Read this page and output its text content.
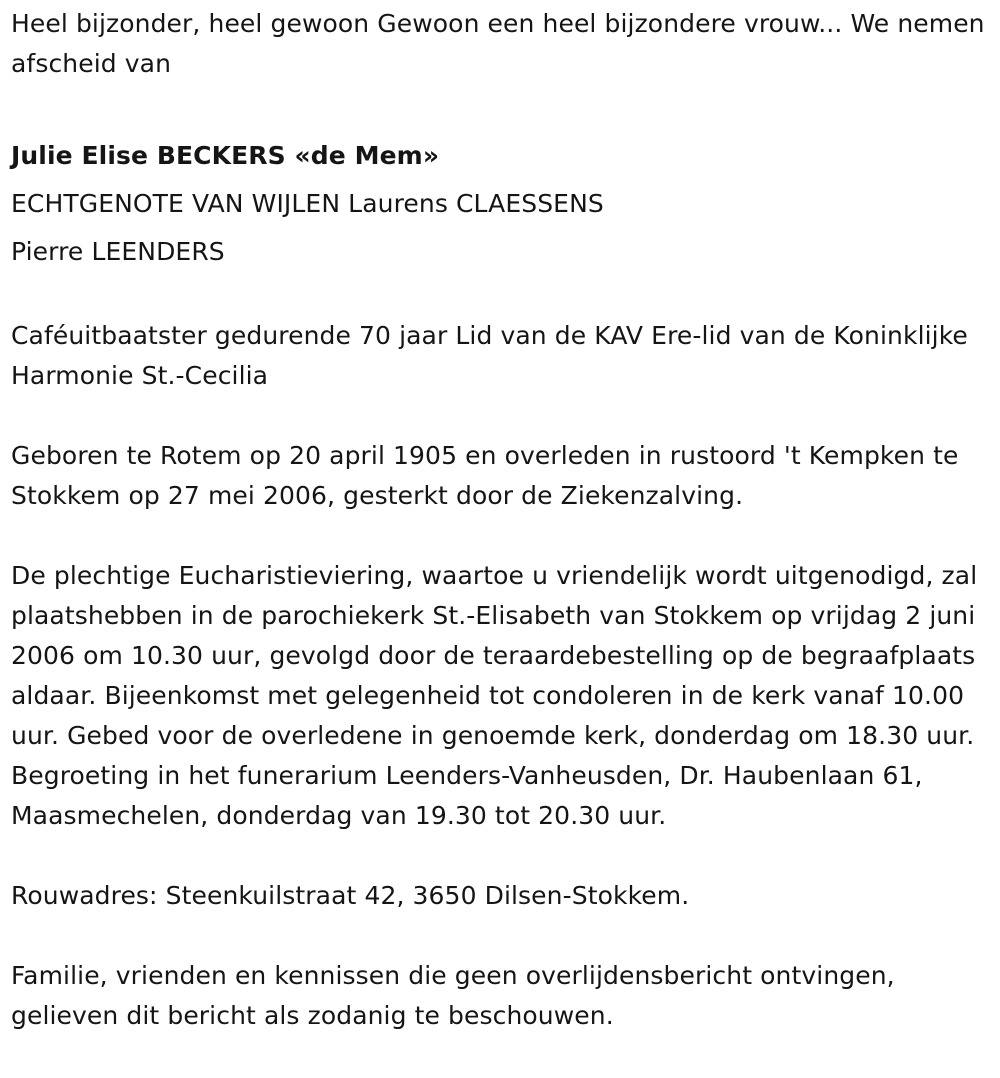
Heel bijzonder, heel gewoon Gewoon een heel bijzondere vrouw... We nemen afscheid van

Julie Elise BECKERS «de Mem»

ECHTGENOTE VAN WIJLEN Laurens CLAESSENS

Pierre LEENDERS

Caféuitbaatster gedurende 70 jaar Lid van de KAV Ere-lid van de Koninklijke Harmonie St.-Cecilia

Geboren te Rotem op 20 april 1905 en overleden in rustoord 't Kempken te Stokkem op 27 mei 2006, gesterkt door de Ziekenzalving.

De plechtige Eucharistieviering, waartoe u vriendelijk wordt uitgenodigd, zal plaatshebben in de parochiekerk St.-Elisabeth van Stokkem op vrijdag 2 juni 2006 om 10.30 uur, gevolgd door de teraardebestelling op de begraafplaats aldaar. Bijeenkomst met gelegenheid tot condoleren in de kerk vanaf 10.00 uur. Gebed voor de overledene in genoemde kerk, donderdag om 18.30 uur. Begroeting in het funerarium Leenders-Vanheusden, Dr. Haubenlaan 61, Maasmechelen, donderdag van 19.30 tot 20.30 uur.

Rouwadres: Steenkuilstraat 42, 3650 Dilsen-Stokkem.

Familie, vrienden en kennissen die geen overlijdensbericht ontvingen, gelieven dit bericht als zodanig te beschouwen.
